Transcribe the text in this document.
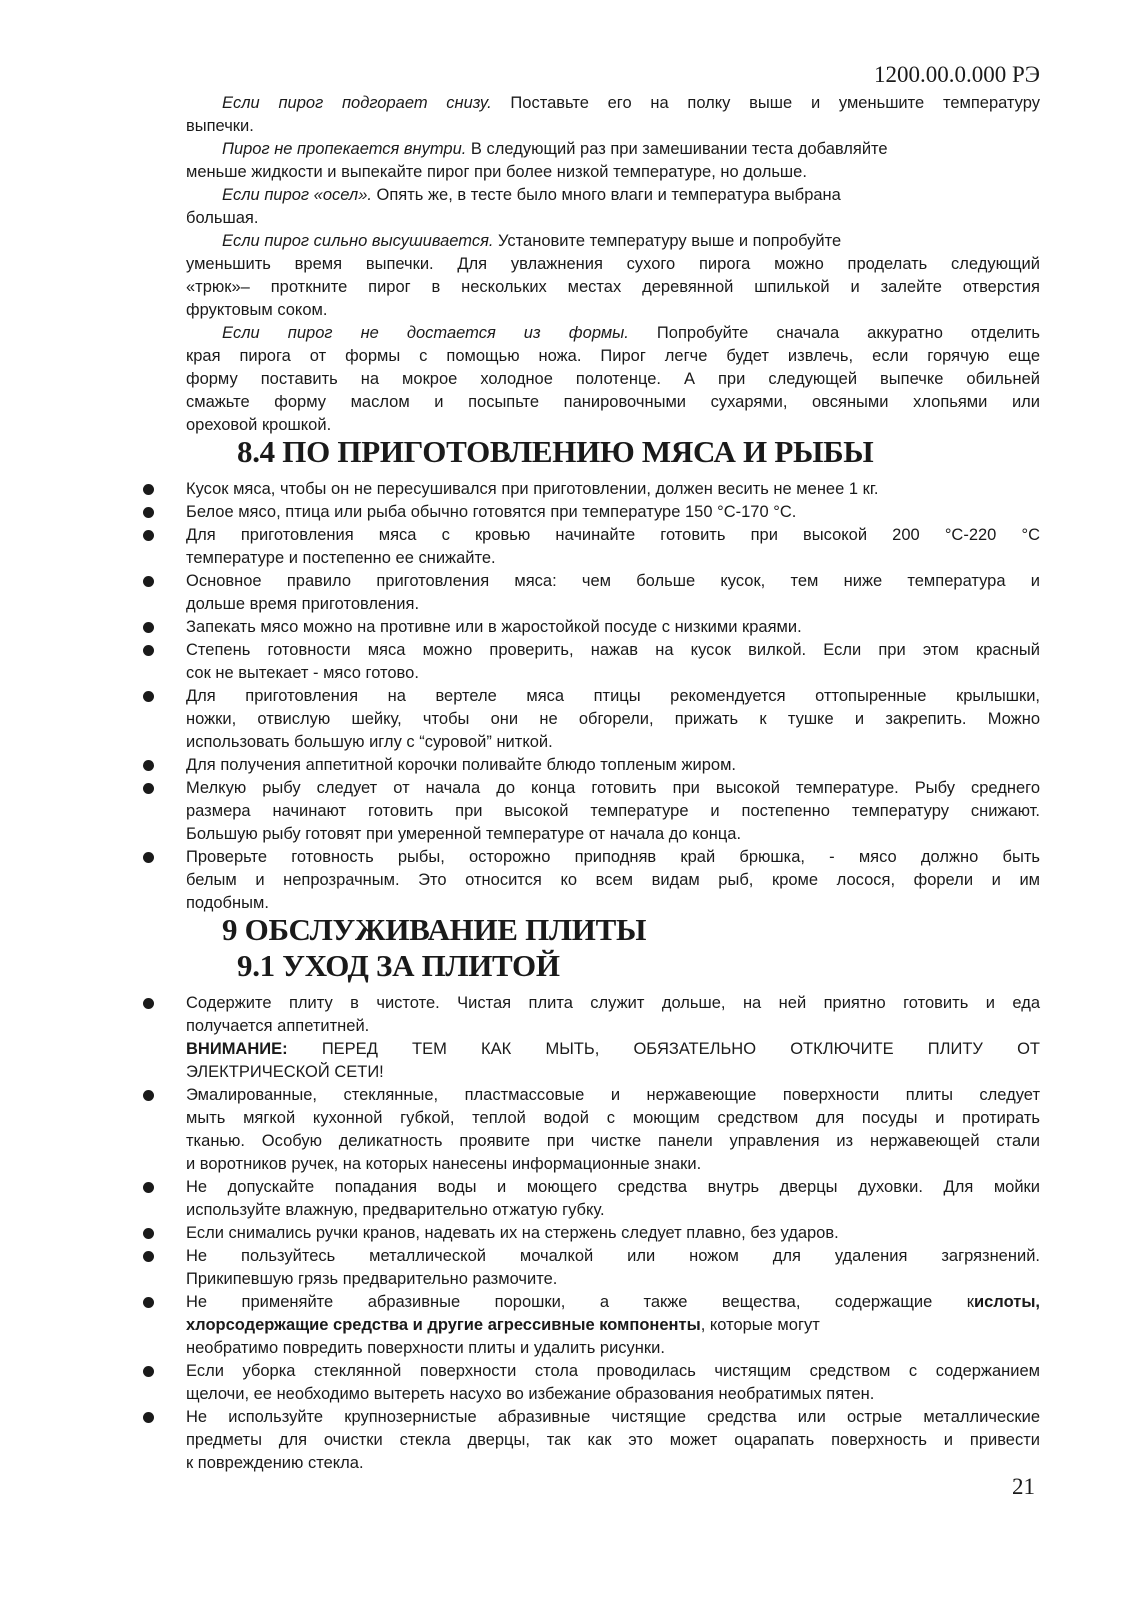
1200.00.0.000 РЭ
Если пирог подгорает снизу. Поставьте его на полку выше и уменьшите температуру
выпечки.
Пирог не пропекается внутри. В следующий раз при замешивании теста добавляйте
меньше жидкости и выпекайте пирог при более низкой температуре, но дольше.
Если пирог «осел». Опять же, в тесте было много влаги и температура выбрана
большая.
Если пирог сильно высушивается. Установите температуру выше и попробуйте
уменьшить время выпечки. Для увлажнения сухого пирога можно проделать следующий
«трюк»– проткните пирог в нескольких местах деревянной шпилькой и залейте отверстия
фруктовым соком.
Если пирог не достается из формы. Попробуйте сначала аккуратно отделить
края пирога от формы с помощью ножа. Пирог легче будет извлечь, если горячую еще
форму поставить на мокрое холодное полотенце. А при следующей выпечке обильней
смажьте форму маслом и посыпьте панировочными сухарями, овсяными хлопьями или
ореховой крошкой.
8.4 ПО ПРИГОТОВЛЕНИЮ МЯСА И РЫБЫ
Кусок мяса, чтобы он не пересушивался при приготовлении, должен весить не менее 1 кг.
Белое мясо, птица или рыба обычно готовятся при температуре 150 °С-170 °С.
Для приготовления мяса с кровью начинайте готовить при высокой 200 °С-220 °С
температуре и постепенно ее снижайте.
Основное правило приготовления мяса: чем больше кусок, тем ниже температура и
дольше время приготовления.
Запекать мясо можно на противне или в жаростойкой посуде с низкими краями.
Степень готовности мяса можно проверить, нажав на кусок вилкой. Если при этом красный
сок не вытекает - мясо готово.
Для приготовления на вертеле мяса птицы рекомендуется оттопыренные крылышки,
ножки, отвислую шейку, чтобы они не обгорели, прижать к тушке и закрепить. Можно
использовать большую иглу с “суровой” ниткой.
Для получения аппетитной корочки поливайте блюдо топленым жиром.
Мелкую рыбу следует от начала до конца готовить при высокой температуре. Рыбу среднего
размера начинают готовить при высокой температуре и постепенно температуру снижают.
Большую рыбу готовят при умеренной температуре от начала до конца.
Проверьте готовность рыбы, осторожно приподняв край брюшка, - мясо должно быть
белым и непрозрачным. Это относится ко всем видам рыб, кроме лосося, форели и им
подобным.
9 ОБСЛУЖИВАНИЕ ПЛИТЫ
9.1 УХОД ЗА ПЛИТОЙ
Содержите плиту в чистоте. Чистая плита служит дольше, на ней приятно готовить и еда
получается аппетитней.
ВНИМАНИЕ: ПЕРЕД ТЕМ КАК МЫТЬ, ОБЯЗАТЕЛЬНО ОТКЛЮЧИТЕ ПЛИТУ ОТ
ЭЛЕКТРИЧЕСКОЙ СЕТИ!
Эмалированные, стеклянные, пластмассовые и нержавеющие поверхности плиты следует
мыть мягкой кухонной губкой, теплой водой с моющим средством для посуды и протирать
тканью. Особую деликатность проявите при чистке панели управления из нержавеющей стали
и воротников ручек, на которых нанесены информационные знаки.
Не допускайте попадания воды и моющего средства внутрь дверцы духовки. Для мойки
используйте влажную, предварительно отжатую губку.
Если снимались ручки кранов, надевать их на стержень следует плавно, без ударов.
Не пользуйтесь металлической мочалкой или ножом для удаления загрязнений.
Прикипевшую грязь предварительно размочите.
Не применяйте абразивные порошки, а также вещества, содержащие кислоты,
хлорсодержащие средства и другие агрессивные компоненты, которые могут
необратимо повредить поверхности плиты и удалить рисунки.
Если уборка стеклянной поверхности стола проводилась чистящим средством с содержанием
щелочи, ее необходимо вытереть насухо во избежание образования необратимых пятен.
Не используйте крупнозернистые абразивные чистящие средства или острые металлические
предметы для очистки стекла дверцы, так как это может оцарапать поверхность и привести
к повреждению стекла.
21
